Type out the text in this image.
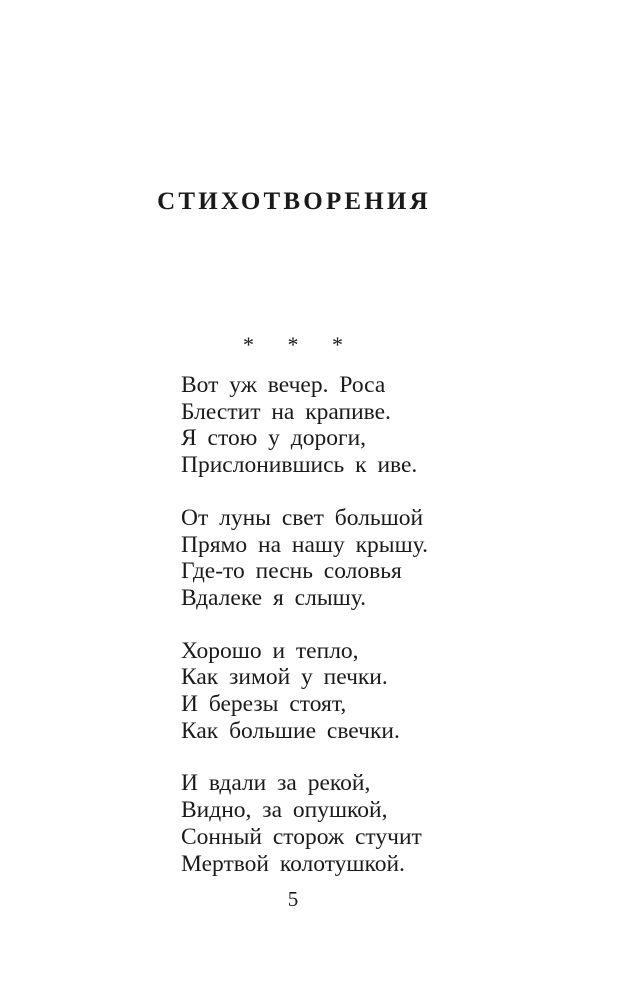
СТИХОТВОРЕНИЯ
* * *
Вот уж вечер. Роса
Блестит на крапиве.
Я стою у дороги,
Прислонившись к иве.
От луны свет большой
Прямо на нашу крышу.
Где-то песнь соловья
Вдалеке я слышу.
Хорошо и тепло,
Как зимой у печки.
И березы стоят,
Как большие свечки.
И вдали за рекой,
Видно, за опушкой,
Сонный сторож стучит
Мертвой колотушкой.
5
